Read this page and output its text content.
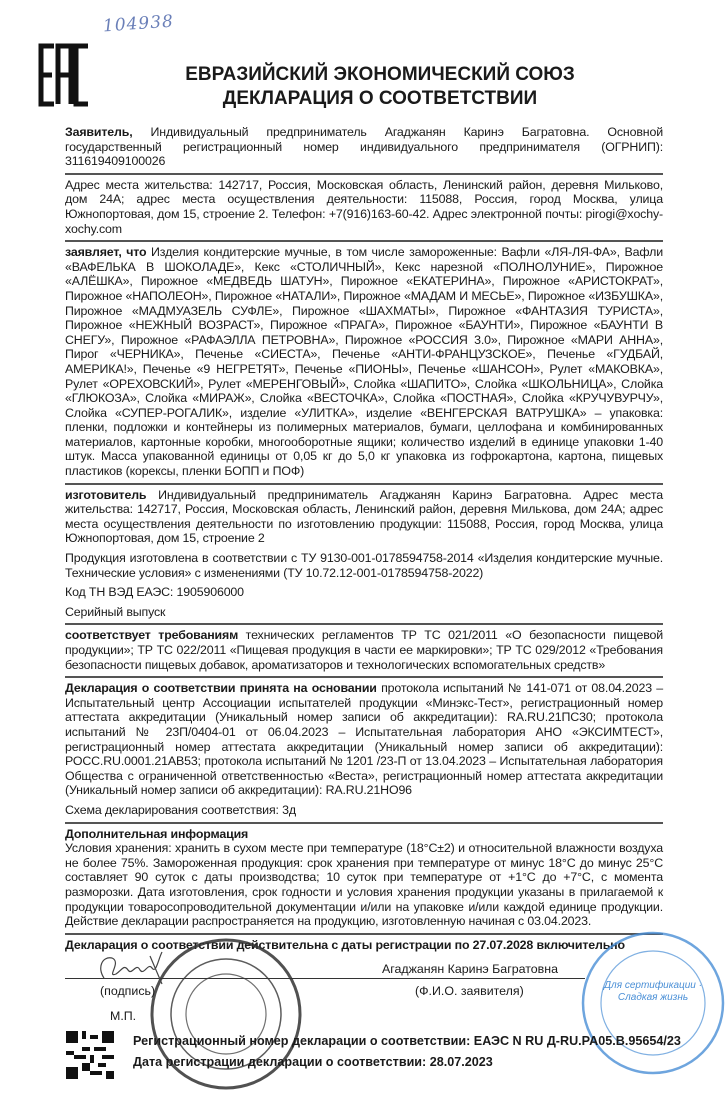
104938
ЕВРАЗИЙСКИЙ ЭКОНОМИЧЕСКИЙ СОЮЗ
ДЕКЛАРАЦИЯ О СООТВЕТСТВИИ

Заявитель, Индивидуальный предприниматель Агаджанян Каринэ Багратовна. Основной государственный регистрационный номер индивидуального предпринимателя (ОГРНИП): 311619409100026

Адрес места жительства: 142717, Россия, Московская область, Ленинский район, деревня Мильково, дом 24А; адрес места осуществления деятельности: 115088, Россия, город Москва, улица Южнопортовая, дом 15, строение 2. Телефон: +7(916)163-60-42. Адрес электронной почты: pirogi@xochy-xochy.com

заявляет, что Изделия кондитерские мучные, в том числе замороженные: Вафли «ЛЯ-ЛЯ-ФА», Вафли «ВАФЕЛЬКА В ШОКОЛАДЕ», Кекс «СТОЛИЧНЫЙ», Кекс нарезной «ПОЛНОЛУНИЕ», Пирожное «АЛЁШКА», Пирожное «МЕДВЕДЬ ШАТУН», Пирожное «ЕКАТЕРИНА», Пирожное «АРИСТОКРАТ», Пирожное «НАПОЛЕОН», Пирожное «НАТАЛИ», Пирожное «МАДАМ И МЕСЬЕ», Пирожное «ИЗБУШКА», Пирожное «МАДМУАЗЕЛЬ СУФЛЕ», Пирожное «ШАХМАТЫ», Пирожное «ФАНТАЗИЯ ТУРИСТА», Пирожное «НЕЖНЫЙ ВОЗРАСТ», Пирожное «ПРАГА», Пирожное «БАУНТИ», Пирожное «БАУНТИ В СНЕГУ», Пирожное «РАФАЭЛЛА ПЕТРОВНА», Пирожное «РОССИЯ 3.0», Пирожное «МАРИ АННА», Пирог «ЧЕРНИКА», Печенье «СИЕСТА», Печенье «АНТИ-ФРАНЦУЗСКОЕ», Печенье «ГУДБАЙ, АМЕРИКА!», Печенье «9 НЕГРЕТЯТ», Печенье «ПИОНЫ», Печенье «ШАНСОН», Рулет «МАКОВКА», Рулет «ОРЕХОВСКИЙ», Рулет «МЕРЕНГОВЫЙ», Слойка «ШАПИТО», Слойка «ШКОЛЬНИЦА», Слойка «ГЛЮКОЗА», Слойка «МИРАЖ», Слойка «ВЕСТОЧКА», Слойка «ПОСТНАЯ», Слойка «КРУЧУВУРЧУ», Слойка «СУПЕР-РОГАЛИК», изделие «УЛИТКА», изделие «ВЕНГЕРСКАЯ ВАТРУШКА» – упаковка: пленки, подложки и контейнеры из полимерных материалов, бумаги, целлофана и комбинированных материалов, картонные коробки, многооборотные ящики; количество изделий в единице упаковки 1-40 штук. Масса упакованной единицы от 0,05 кг до 5,0 кг упаковка из гофрокартона, картона, пищевых пластиков (корексы, пленки БОПП и ПОФ)

изготовитель Индивидуальный предприниматель Агаджанян Каринэ Багратовна. Адрес места жительства: 142717, Россия, Московская область, Ленинский район, деревня Милькова, дом 24А; адрес места осуществления деятельности по изготовлению продукции: 115088, Россия, город Москва, улица Южнопортовая, дом 15, строение 2

Продукция изготовлена в соответствии с ТУ 9130-001-0178594758-2014 «Изделия кондитерские мучные. Технические условия» с изменениями (ТУ 10.72.12-001-0178594758-2022)

Код ТН ВЭД ЕАЭС: 1905906000

Серийный выпуск

соответствует требованиям технических регламентов ТР ТС 021/2011 «О безопасности пищевой продукции»; ТР ТС 022/2011 «Пищевая продукция в части ее маркировки»; ТР ТС 029/2012 «Требования безопасности пищевых добавок, ароматизаторов и технологических вспомогательных средств»

Декларация о соответствии принята на основании протокола испытаний № 141-071 от 08.04.2023 – Испытательный центр Ассоциации испытателей продукции «Минэкс-Тест», регистрационный номер аттестата аккредитации (Уникальный номер записи об аккредитации): RA.RU.21ПС30; протокола испытаний № 23П/0404-01 от 06.04.2023 – Испытательная лаборатория АНО «ЭКСИМТЕСТ», регистрационный номер аттестата аккредитации (Уникальный номер записи об аккредитации): РОСС.RU.0001.21АВ53; протокола испытаний № 1201 /23-П от 13.04.2023 – Испытательная лаборатория Общества с ограниченной ответственностью «Веста», регистрационный номер аттестата аккредитации (Уникальный номер записи об аккредитации): RA.RU.21HO96

Схема декларирования соответствия: 3д

Дополнительная информация

Условия хранения: хранить в сухом месте при температуре (18°С±2) и относительной влажности воздуха не более 75%. Замороженная продукция: срок хранения при температуре от минус 18°С до минус 25°С составляет 90 суток с даты производства; 10 суток при температуре от +1°С до +7°С, с момента разморозки. Дата изготовления, срок годности и условия хранения продукции указаны в прилагаемой к продукции товаросопроводительной документации и/или на упаковке и/или каждой единице продукции. Действие декларации распространяется на продукцию, изготовленную начиная с 03.04.2023.

Декларация о соответствии действительна с даты регистрации по 27.07.2028 включительно

Для сертификации · Сладкая жизнь
(подпись)
Агаджанян Каринэ Багратовна
(Ф.И.О. заявителя)
М.П.
Регистрационный номер декларации о соответствии: ЕАЭС N RU Д-RU.PA05.B.95654/23
Дата регистрации декларации о соответствии: 28.07.2023
